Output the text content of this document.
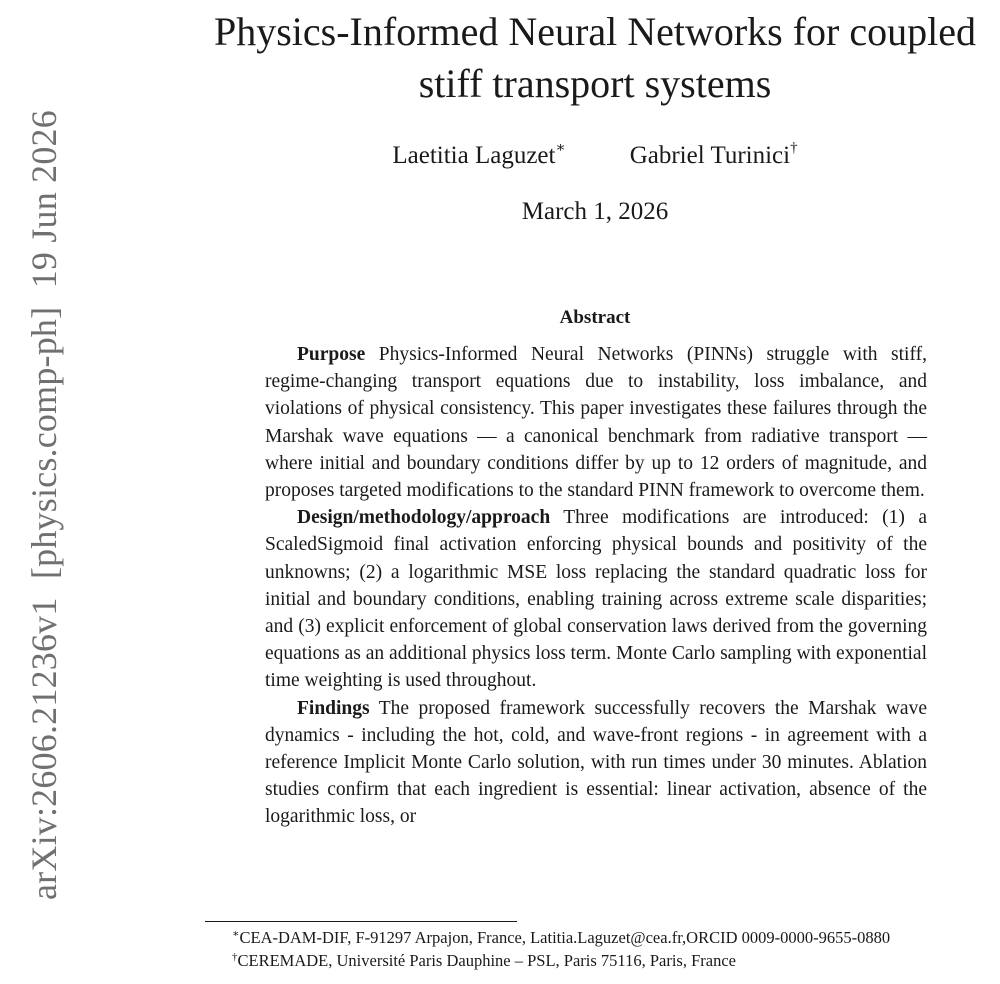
arXiv:2606.21236v1  [physics.comp-ph]  19 Jun 2026
Physics-Informed Neural Networks for coupled
stiff transport systems
Laetitia Laguzet∗	Gabriel Turinici†
March 1, 2026
Abstract

Purpose Physics-Informed Neural Networks (PINNs) struggle with stiff, regime-changing transport equations due to instability, loss imbalance, and violations of physical consistency. This paper investigates these failures through the Marshak wave equations — a canonical benchmark from radiative transport — where initial and boundary conditions differ by up to 12 orders of magnitude, and proposes targeted modifications to the standard PINN framework to overcome them.

Design/methodology/approach Three modifications are introduced: (1) a ScaledSigmoid final activation enforcing physical bounds and positivity of the unknowns; (2) a logarithmic MSE loss replacing the standard quadratic loss for initial and boundary conditions, enabling training across extreme scale disparities; and (3) explicit enforcement of global conservation laws derived from the governing equations as an additional physics loss term. Monte Carlo sampling with exponential time weighting is used throughout.

Findings The proposed framework successfully recovers the Marshak wave dynamics - including the hot, cold, and wave-front regions - in agreement with a reference Implicit Monte Carlo solution, with run times under 30 minutes. Ablation studies confirm that each ingredient is essential: linear activation, absence of the logarithmic loss, or

∗CEA-DAM-DIF, F-91297 Arpajon, France, Latitia.Laguzet@cea.fr,ORCID 0009-0000-9655-0880

†CEREMADE, Université Paris Dauphine – PSL, Paris 75116, Paris, France
